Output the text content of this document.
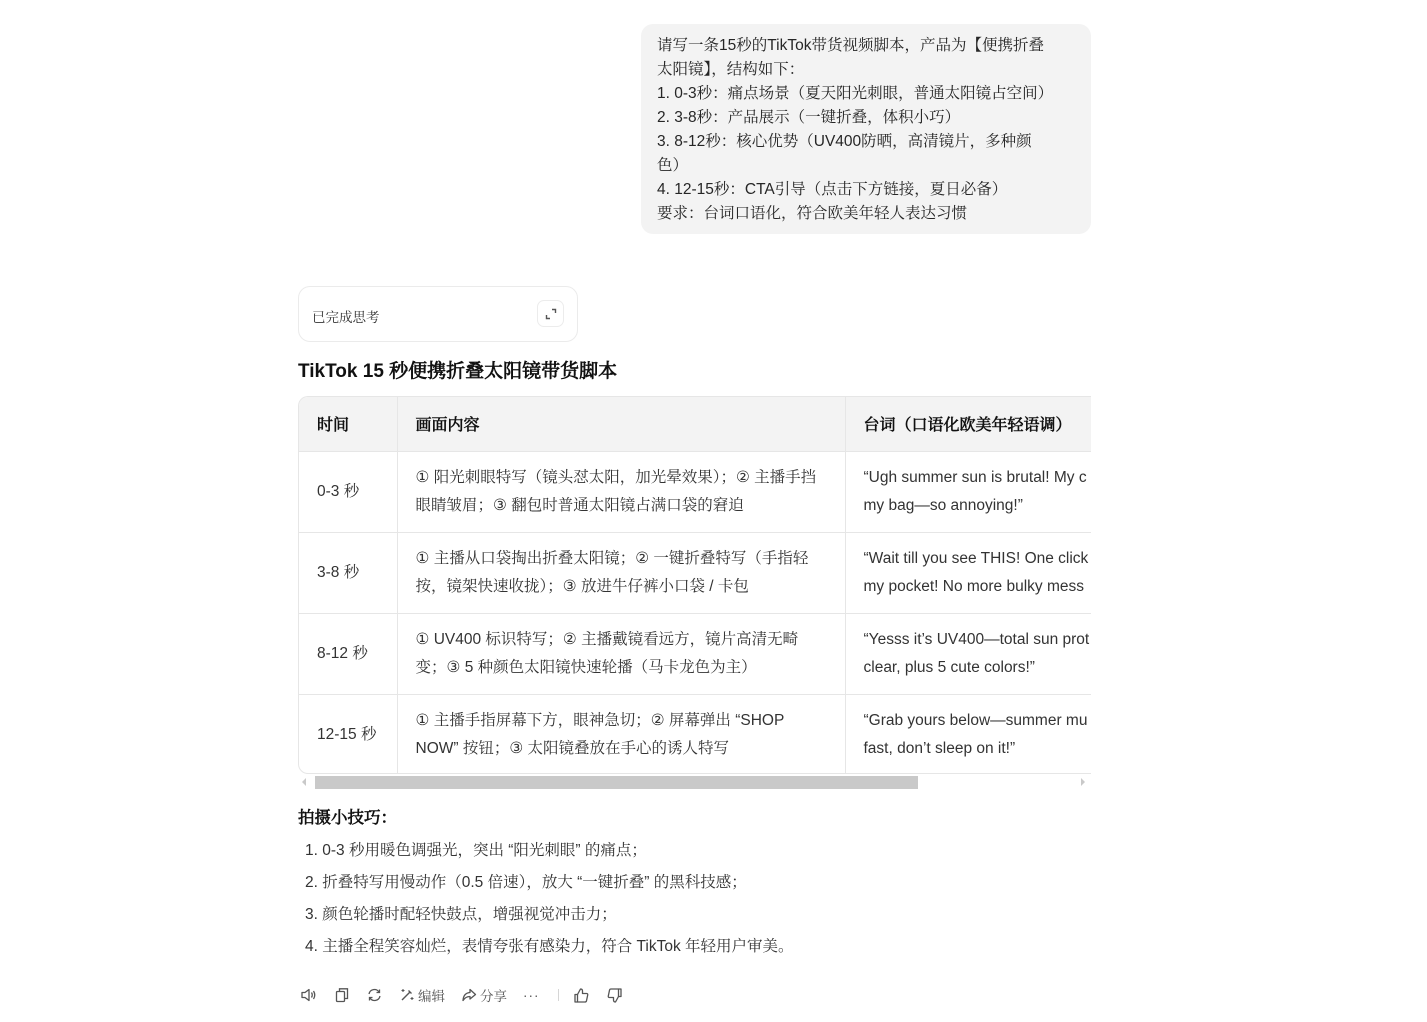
请写一条15秒的TikTok带货视频脚本，产品为【便携折叠
太阳镜】，结构如下：
1. 0-3秒：痛点场景（夏天阳光刺眼，普通太阳镜占空间）
2. 3-8秒：产品展示（一键折叠，体积小巧）
3. 8-12秒：核心优势（UV400防晒，高清镜片，多种颜
色）
4. 12-15秒：CTA引导（点击下方链接，夏日必备）
要求：台词口语化，符合欧美年轻人表达习惯
已完成思考
TikTok 15 秒便携折叠太阳镜带货脚本
时间	画面内容	台词（口语化欧美年轻语调）
0-3 秒	① 阳光刺眼特写（镜头怼太阳，加光晕效果）；② 主播手挡眼睛皱眉；③ 翻包时普通太阳镜占满口袋的窘迫	“Ugh summer sun is brutal! My c
my bag—so annoying!”

3-8 秒	① 主播从口袋掏出折叠太阳镜；② 一键折叠特写（手指轻按，镜架快速收拢）；③ 放进牛仔裤小口袋 / 卡包	“Wait till you see THIS! One click
my pocket! No more bulky mess

8-12 秒	① UV400 标识特写；② 主播戴镜看远方，镜片高清无畸变；③ 5 种颜色太阳镜快速轮播（马卡龙色为主）	“Yesss it’s UV400—total sun prot
clear, plus 5 cute colors!”

12-15 秒	① 主播手指屏幕下方，眼神急切；② 屏幕弹出 “SHOP NOW” 按钮；③ 太阳镜叠放在手心的诱人特写	“Grab yours below—summer mu
fast, don’t sleep on it!”
拍摄小技巧：
1. 0-3 秒用暖色调强光，突出 “阳光刺眼” 的痛点；
2. 折叠特写用慢动作（0.5 倍速），放大 “一键折叠” 的黑科技感；
3. 颜色轮播时配轻快鼓点，增强视觉冲击力；
4. 主播全程笑容灿烂，表情夸张有感染力，符合 TikTok 年轻用户审美。
编辑	分享 ···
